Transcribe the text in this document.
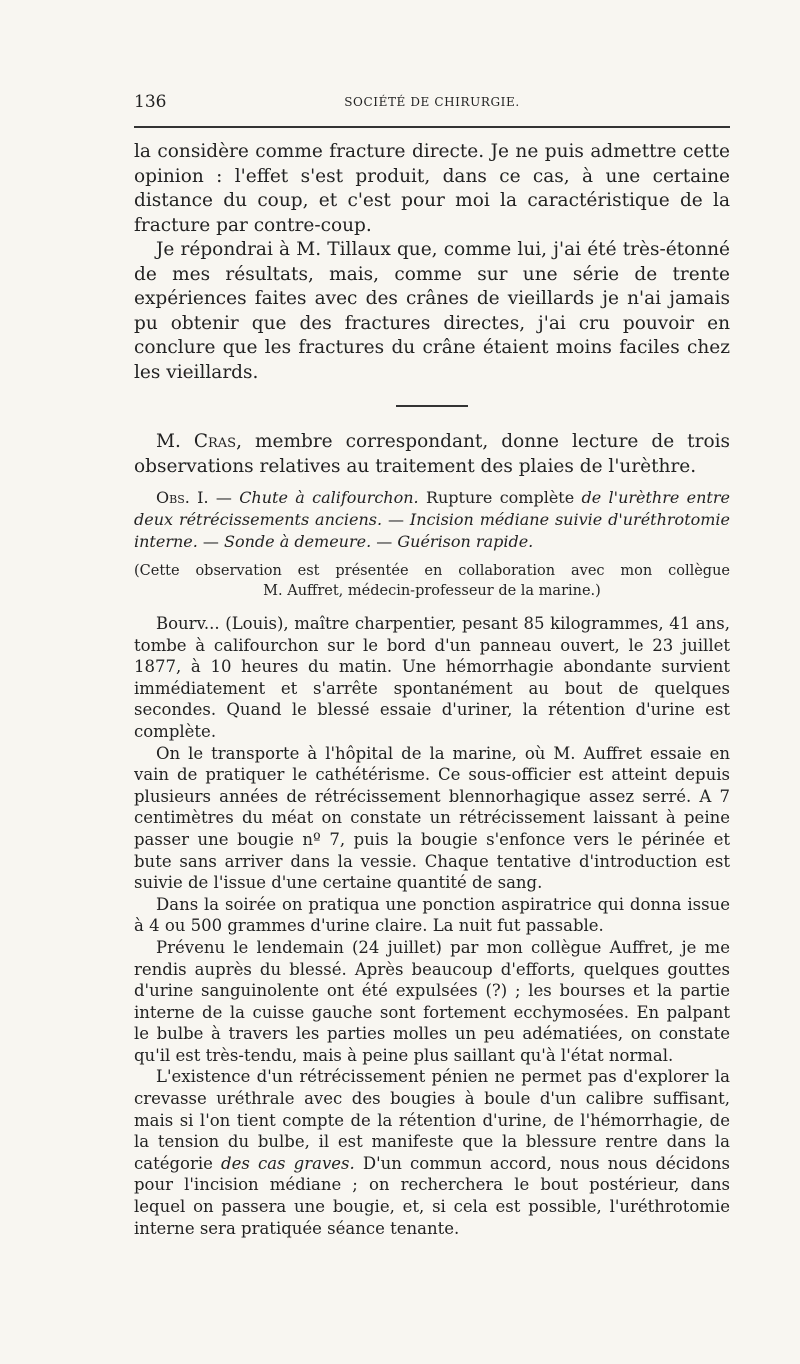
136	SOCIÉTÉ DE CHIRURGIE.

la considère comme fracture directe. Je ne puis admettre cette opinion : l'effet s'est produit, dans ce cas, à une certaine distance du coup, et c'est pour moi la caractéristique de la fracture par contre-coup.

Je répondrai à M. Tillaux que, comme lui, j'ai été très-étonné de mes résultats, mais, comme sur une série de trente expériences faites avec des crânes de vieillards je n'ai jamais pu obtenir que des fractures directes, j'ai cru pouvoir en conclure que les fractures du crâne étaient moins faciles chez les vieillards.

M. Cras, membre correspondant, donne lecture de trois observations relatives au traitement des plaies de l'urèthre.

Obs. I. — Chute à califourchon. Rupture complète de l'urèthre entre deux rétrécissements anciens. — Incision médiane suivie d'uréthrotomie interne. — Sonde à demeure. — Guérison rapide.

(Cette observation est présentée en collaboration avec mon collègue
M. Auffret, médecin-professeur de la marine.)

Bourv... (Louis), maître charpentier, pesant 85 kilogrammes, 41 ans, tombe à califourchon sur le bord d'un panneau ouvert, le 23 juillet 1877, à 10 heures du matin. Une hémorrhagie abondante survient immédiatement et s'arrête spontanément au bout de quelques secondes. Quand le blessé essaie d'uriner, la rétention d'urine est complète.

On le transporte à l'hôpital de la marine, où M. Auffret essaie en vain de pratiquer le cathétérisme. Ce sous-officier est atteint depuis plusieurs années de rétrécissement blennorhagique assez serré. A 7 centimètres du méat on constate un rétrécissement laissant à peine passer une bougie nº 7, puis la bougie s'enfonce vers le périnée et bute sans arriver dans la vessie. Chaque tentative d'introduction est suivie de l'issue d'une certaine quantité de sang.

Dans la soirée on pratiqua une ponction aspiratrice qui donna issue à 4 ou 500 grammes d'urine claire. La nuit fut passable.

Prévenu le lendemain (24 juillet) par mon collègue Auffret, je me rendis auprès du blessé. Après beaucoup d'efforts, quelques gouttes d'urine sanguinolente ont été expulsées (?) ; les bourses et la partie interne de la cuisse gauche sont fortement ecchymosées. En palpant le bulbe à travers les parties molles un peu adématiées, on constate qu'il est très-tendu, mais à peine plus saillant qu'à l'état normal.

L'existence d'un rétrécissement pénien ne permet pas d'explorer la crevasse uréthrale avec des bougies à boule d'un calibre suffisant, mais si l'on tient compte de la rétention d'urine, de l'hémorrhagie, de la tension du bulbe, il est manifeste que la blessure rentre dans la catégorie des cas graves. D'un commun accord, nous nous décidons pour l'incision médiane ; on recherchera le bout postérieur, dans lequel on passera une bougie, et, si cela est possible, l'uréthrotomie interne sera pratiquée séance tenante.
